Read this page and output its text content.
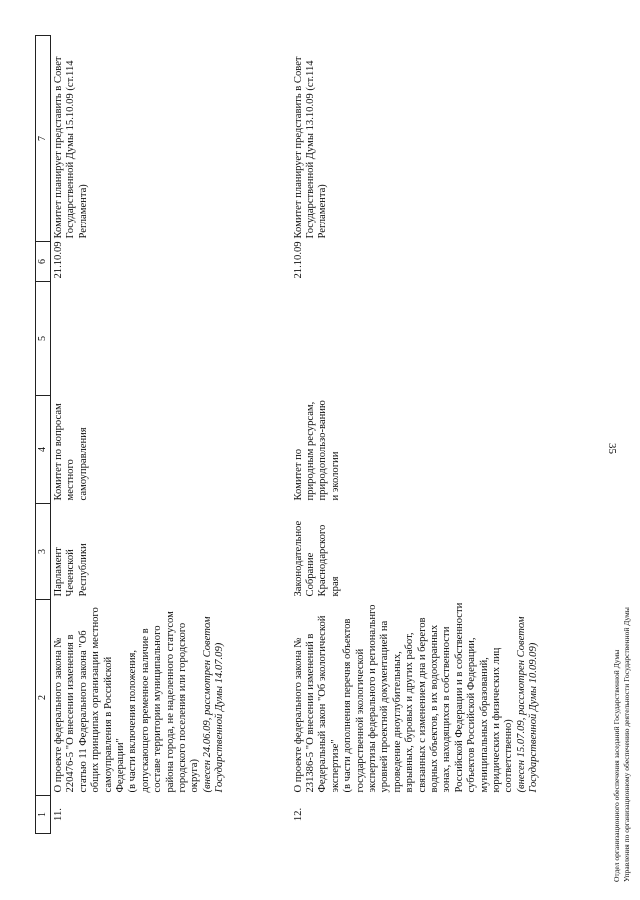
35
1	2	3	4	5	6	7
11.	О проекте федерального закона № 220476-5 "О внесении изменения в статью 11 Федерального закона "Об общих принципах организации местного самоуправления в Российской Федерации" (в части включения положения, допускающего временное наличие в составе территории муниципального района города, не наделенного статусом городского поселения или городского округа) (внесен 24.06.09, рассмотрен Советом Государственной Думы 14.07.09)	Парламент Чеченской Республики	Комитет по вопросам местного самоуправления		21.10.09	Комитет планирует представить в Совет Государственной Думы 15.10.09 (ст.114 Регламента)
12.	О проекте федерального закона № 231386-5 "О внесении изменений в Федеральный закон "Об экологической экспертизе" (в части дополнения перечня объектов государственной экологической экспертизы федерального и региональнго уровней проектной документацией на проведение дноуглубительных, взрывных, буровых и других работ, связанных с изменением дна и берегов водных объектов, в их водоохранных зонах, находящихся в собственности Российской Федерации и в собственности субъектов Российской Федерации, муниципальных образований, юридических и физических лиц соответственно) (внесен 15.07.09, рассмотрен Советом Государственной Думы 10.09.09)	Законодательное Собрание Краснодарского края	Комитет по природным ресурсам, природопользо-ванию и экологии		21.10.09	Комитет планирует представить в Совет Государственной Думы 13.10.09 (ст.114 Регламента)
Отдел организационного обеспечения заседаний Государственной Думы Управления по организационному обеспечению деятельности Государственной Думы
